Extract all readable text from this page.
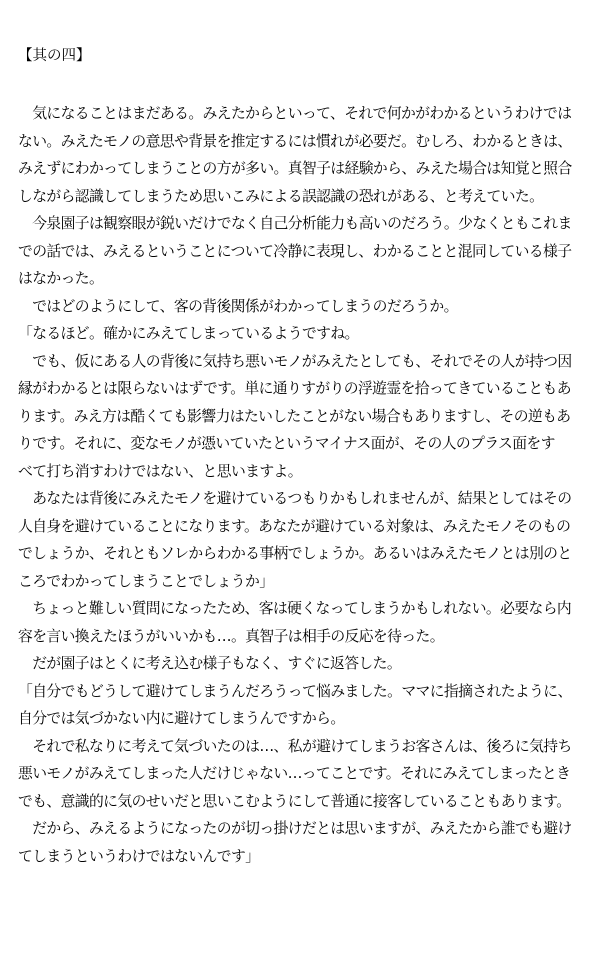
【其の四】
　気になることはまだある。みえたからといって、それで何かがわかるというわけでは
ない。みえたモノの意思や背景を推定するには慣れが必要だ。むしろ、わかるときは、
みえずにわかってしまうことの方が多い。真智子は経験から、みえた場合は知覚と照合
しながら認識してしまうため思いこみによる誤認識の恐れがある、と考えていた。
　今泉園子は観察眼が鋭いだけでなく自己分析能力も高いのだろう。少なくともこれま
での話では、みえるということについて冷静に表現し、わかることと混同している様子
はなかった。
　ではどのようにして、客の背後関係がわかってしまうのだろうか。
「なるほど。確かにみえてしまっているようですね。
　でも、仮にある人の背後に気持ち悪いモノがみえたとしても、それでその人が持つ因
縁がわかるとは限らないはずです。単に通りすがりの浮遊霊を拾ってきていることもあ
ります。みえ方は酷くても影響力はたいしたことがない場合もありますし、その逆もあ
りです。それに、変なモノが憑いていたというマイナス面が、その人のプラス面をす
べて打ち消すわけではない、と思いますよ。
　あなたは背後にみえたモノを避けているつもりかもしれませんが、結果としてはその
人自身を避けていることになります。あなたが避けている対象は、みえたモノそのもの
でしょうか、それともソレからわかる事柄でしょうか。あるいはみえたモノとは別のと
ころでわかってしまうことでしょうか」
　ちょっと難しい質問になったため、客は硬くなってしまうかもしれない。必要なら内
容を言い換えたほうがいいかも…。真智子は相手の反応を待った。
　だが園子はとくに考え込む様子もなく、すぐに返答した。
「自分でもどうして避けてしまうんだろうって悩みました。ママに指摘されたように、
自分では気づかない内に避けてしまうんですから。
　それで私なりに考えて気づいたのは…、私が避けてしまうお客さんは、後ろに気持ち
悪いモノがみえてしまった人だけじゃない…ってことです。それにみえてしまったとき
でも、意識的に気のせいだと思いこむようにして普通に接客していることもあります。
　だから、みえるようになったのが切っ掛けだとは思いますが、みえたから誰でも避け
てしまうというわけではないんです」
